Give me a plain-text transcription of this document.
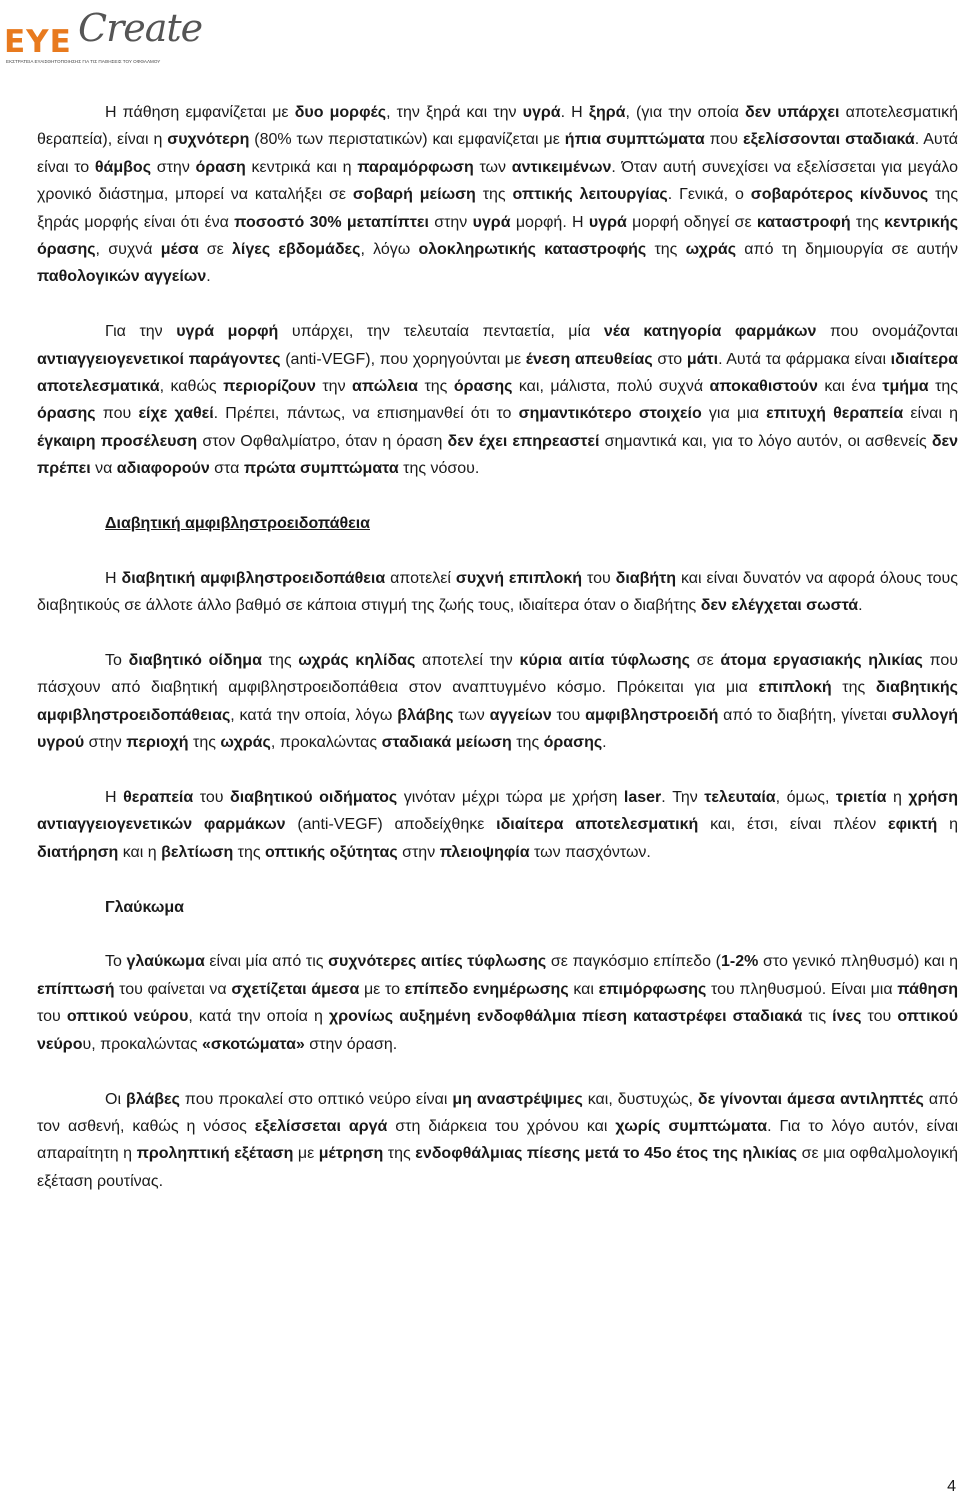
ΕΥΕ Create
ΕΚΣΤΡΑΤΕΙΑ ΕΥΑΙΣΘΗΤΟΠΟΙΗΣΗΣ ΓΙΑ ΤΙΣ ΠΑΘΗΣΕΙΣ ΤΟΥ ΟΦΘΑΛΜΟΥ

Η πάθηση εμφανίζεται με δυο μορφές, την ξηρά και την υγρά. Η ξηρά, (για την οποία δεν υπάρχει αποτελεσματική θεραπεία), είναι η συχνότερη (80% των περιστατικών) και εμφανίζεται με ήπια συμπτώματα που εξελίσσονται σταδιακά. Αυτά είναι το θάμβος στην όραση κεντρικά και η παραμόρφωση των αντικειμένων. Όταν αυτή συνεχίσει να εξελίσσεται για μεγάλο χρονικό διάστημα, μπορεί να καταλήξει σε σοβαρή μείωση της οπτικής λειτουργίας. Γενικά, ο σοβαρότερος κίνδυνος της ξηράς μορφής είναι ότι ένα ποσοστό 30% μεταπίπτει στην υγρά μορφή. Η υγρά μορφή οδηγεί σε καταστροφή της κεντρικής όρασης, συχνά μέσα σε λίγες εβδομάδες, λόγω ολοκληρωτικής καταστροφής της ωχράς από τη δημιουργία σε αυτήν παθολογικών αγγείων.

Για την υγρά μορφή υπάρχει, την τελευταία πενταετία, μία νέα κατηγορία φαρμάκων που ονομάζονται αντιαγγειογενετικοί παράγοντες (anti-VEGF), που χορηγούνται με ένεση απευθείας στο μάτι. Αυτά τα φάρμακα είναι ιδιαίτερα αποτελεσματικά, καθώς περιορίζουν την απώλεια της όρασης και, μάλιστα, πολύ συχνά αποκαθιστούν και ένα τμήμα της όρασης που είχε χαθεί. Πρέπει, πάντως, να επισημανθεί ότι το σημαντικότερο στοιχείο για μια επιτυχή θεραπεία είναι η έγκαιρη προσέλευση στον Οφθαλμίατρο, όταν η όραση δεν έχει επηρεαστεί σημαντικά και, για το λόγο αυτόν, οι ασθενείς δεν πρέπει να αδιαφορούν στα πρώτα συμπτώματα της νόσου.

Διαβητική αμφιβληστροειδοπάθεια

Η διαβητική αμφιβληστροειδοπάθεια αποτελεί συχνή επιπλοκή του διαβήτη και είναι δυνατόν να αφορά όλους τους διαβητικούς σε άλλοτε άλλο βαθμό σε κάποια στιγμή της ζωής τους, ιδιαίτερα όταν ο διαβήτης δεν ελέγχεται σωστά.

Το διαβητικό οίδημα της ωχράς κηλίδας αποτελεί την κύρια αιτία τύφλωσης σε άτομα εργασιακής ηλικίας που πάσχουν από διαβητική αμφιβληστροειδοπάθεια στον αναπτυγμένο κόσμο. Πρόκειται για μια επιπλοκή της διαβητικής αμφιβληστροειδοπάθειας, κατά την οποία, λόγω βλάβης των αγγείων του αμφιβληστροειδή από το διαβήτη, γίνεται συλλογή υγρού στην περιοχή της ωχράς, προκαλώντας σταδιακά μείωση της όρασης.

Η θεραπεία του διαβητικού οιδήματος γινόταν μέχρι τώρα με χρήση laser. Την τελευταία, όμως, τριετία η χρήση αντιαγγειογενετικών φαρμάκων (anti-VEGF) αποδείχθηκε ιδιαίτερα αποτελεσματική και, έτσι, είναι πλέον εφικτή η διατήρηση και η βελτίωση της οπτικής οξύτητας στην πλειοψηφία των πασχόντων.

Γλαύκωμα

Το γλαύκωμα είναι μία από τις συχνότερες αιτίες τύφλωσης σε παγκόσμιο επίπεδο (1-2% στο γενικό πληθυσμό) και η επίπτωσή του φαίνεται να σχετίζεται άμεσα με το επίπεδο ενημέρωσης και επιμόρφωσης του πληθυσμού. Είναι μια πάθηση του οπτικού νεύρου, κατά την οποία η χρονίως αυξημένη ενδοφθάλμια πίεση καταστρέφει σταδιακά τις ίνες του οπτικού νεύρου, προκαλώντας «σκοτώματα» στην όραση.

Οι βλάβες που προκαλεί στο οπτικό νεύρο είναι μη αναστρέψιμες και, δυστυχώς, δε γίνονται άμεσα αντιληπτές από τον ασθενή, καθώς η νόσος εξελίσσεται αργά στη διάρκεια του χρόνου και χωρίς συμπτώματα. Για το λόγο αυτόν, είναι απαραίτητη η προληπτική εξέταση με μέτρηση της ενδοφθάλμιας πίεσης μετά το 45ο έτος της ηλικίας σε μια οφθαλμολογική εξέταση ρουτίνας.

4
